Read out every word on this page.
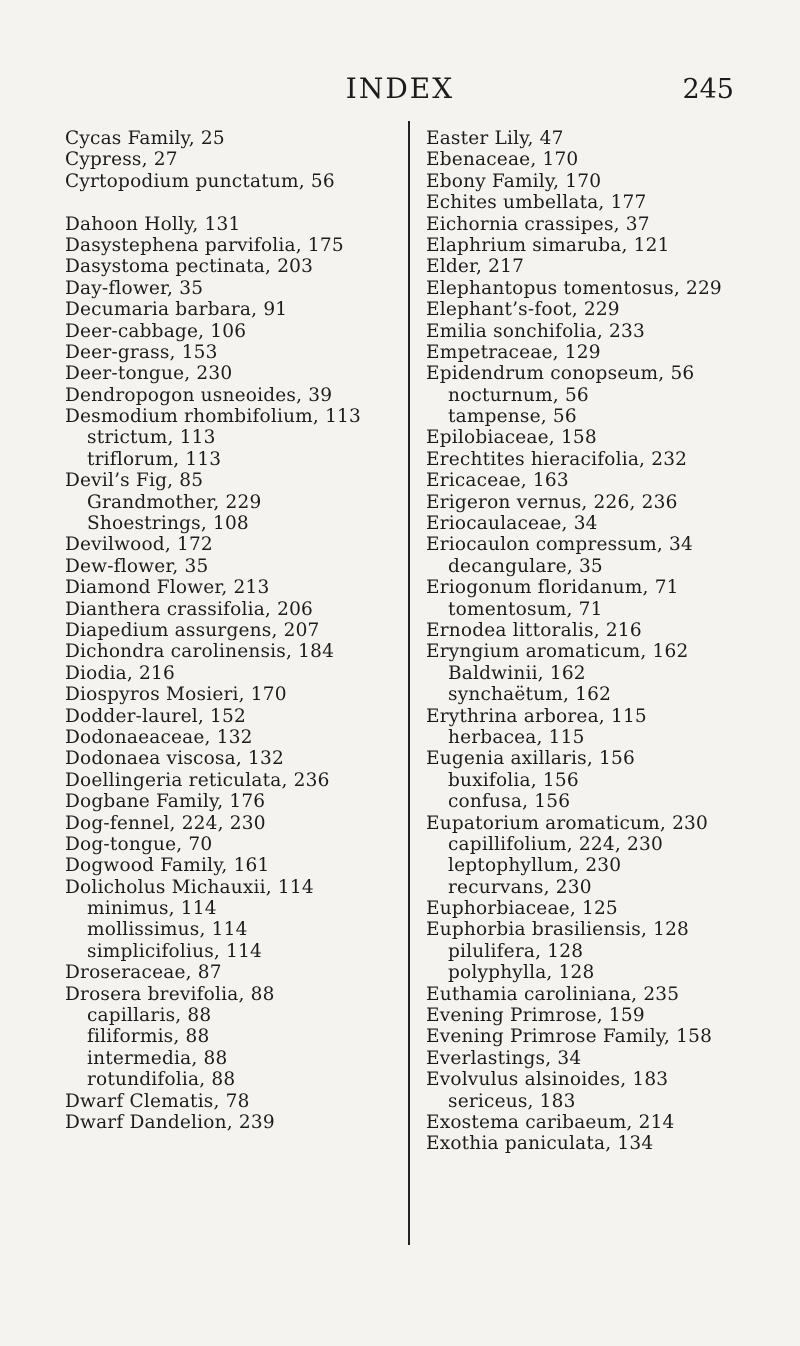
INDEX	245
Cycas Family, 25
Cypress, 27
Cyrtopodium punctatum, 56
Dahoon Holly, 131
Dasystephena parvifolia, 175
Dasystoma pectinata, 203
Day-flower, 35
Decumaria barbara, 91
Deer-cabbage, 106
Deer-grass, 153
Deer-tongue, 230
Dendropogon usneoides, 39
Desmodium rhombifolium, 113
strictum, 113
triflorum, 113
Devil’s Fig, 85
Grandmother, 229
Shoestrings, 108
Devilwood, 172
Dew-flower, 35
Diamond Flower, 213
Dianthera crassifolia, 206
Diapedium assurgens, 207
Dichondra carolinensis, 184
Diodia, 216
Diospyros Mosieri, 170
Dodder-laurel, 152
Dodonaeaceae, 132
Dodonaea viscosa, 132
Doellingeria reticulata, 236
Dogbane Family, 176
Dog-fennel, 224, 230
Dog-tongue, 70
Dogwood Family, 161
Dolicholus Michauxii, 114
minimus, 114
mollissimus, 114
simplicifolius, 114
Droseraceae, 87
Drosera brevifolia, 88
capillaris, 88
filiformis, 88
intermedia, 88
rotundifolia, 88
Dwarf Clematis, 78
Dwarf Dandelion, 239
Easter Lily, 47
Ebenaceae, 170
Ebony Family, 170
Echites umbellata, 177
Eichornia crassipes, 37
Elaphrium simaruba, 121
Elder, 217
Elephantopus tomentosus, 229
Elephant’s-foot, 229
Emilia sonchifolia, 233
Empetraceae, 129
Epidendrum conopseum, 56
nocturnum, 56
tampense, 56
Epilobiaceae, 158
Erechtites hieracifolia, 232
Ericaceae, 163
Erigeron vernus, 226, 236
Eriocaulaceae, 34
Eriocaulon compressum, 34
decangulare, 35
Eriogonum floridanum, 71
tomentosum, 71
Ernodea littoralis, 216
Eryngium aromaticum, 162
Baldwinii, 162
synchaëtum, 162
Erythrina arborea, 115
herbacea, 115
Eugenia axillaris, 156
buxifolia, 156
confusa, 156
Eupatorium aromaticum, 230
capillifolium, 224, 230
leptophyllum, 230
recurvans, 230
Euphorbiaceae, 125
Euphorbia brasiliensis, 128
pilulifera, 128
polyphylla, 128
Euthamia caroliniana, 235
Evening Primrose, 159
Evening Primrose Family, 158
Everlastings, 34
Evolvulus alsinoides, 183
sericeus, 183
Exostema caribaeum, 214
Exothia paniculata, 134
